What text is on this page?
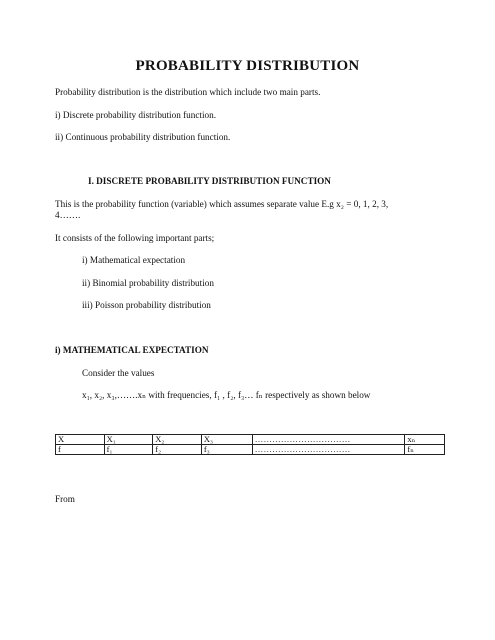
PROBABILITY DISTRIBUTION
Probability distribution is the distribution which include two main parts.
i) Discrete probability distribution function.
ii) Continuous probability distribution function.
I. DISCRETE PROBABILITY DISTRIBUTION FUNCTION
This is the probability function (variable) which assumes separate value E.g x₂ = 0, 1, 2, 3,
4…….
It consists of the following important parts;
i) Mathematical expectation
ii) Binomial probability distribution
iii) Poisson probability distribution
i) MATHEMATICAL EXPECTATION
Consider the values
x₁, x₂, x₃,…….xₙ with frequencies, f₁ , f₂, f₃… fₙ respectively as shown below
X	X₁	X₂	X₃	……………………………	xₙ
f	f₁	f₂	f₃	……………………………	fₙ
From
